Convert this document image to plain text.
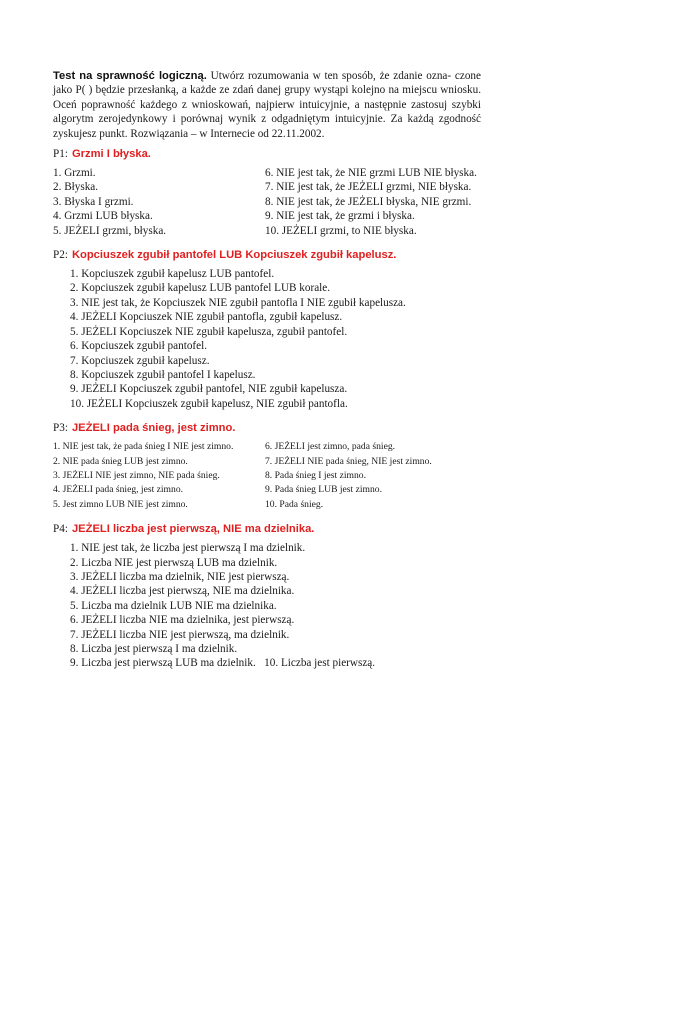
Test na sprawność logiczną. Utwórz rozumowania w ten sposób, że zdanie ozna- czone jako P( ) będzie przesłanką, a każde ze zdań danej grupy wystąpi kolejno na miejscu wniosku. Oceń poprawność każdego z wnioskowań, najpierw intuicyjnie, a następnie zastosuj szybki algorytm zerojedynkowy i porównaj wynik z odgadniętym intuicyjnie. Za każdą zgodność zyskujesz punkt. Rozwiązania – w Internecie od 22.11.2002.

P1: Grzmi I błyska.
1. Grzmi.
2. Błyska.
3. Błyska I grzmi.
4. Grzmi LUB błyska.
5. JEŻELI grzmi, błyska.
6. NIE jest tak, że NIE grzmi LUB NIE błyska.
7. NIE jest tak, że JEŻELI grzmi, NIE błyska.
8. NIE jest tak, że JEŻELI błyska, NIE grzmi.
9. NIE jest tak, że grzmi i błyska.
10. JEŻELI grzmi, to NIE błyska.
P2: Kopciuszek zgubił pantofel LUB Kopciuszek zgubił kapelusz.
1. Kopciuszek zgubił kapelusz LUB pantofel.
2. Kopciuszek zgubił kapelusz LUB pantofel LUB korale.
3. NIE jest tak, że Kopciuszek NIE zgubił pantofla I NIE zgubił kapelusza.
4. JEŻELI Kopciuszek NIE zgubił pantofla, zgubił kapelusz.
5. JEŻELI Kopciuszek NIE zgubił kapelusza, zgubił pantofel.
6. Kopciuszek zgubił pantofel.
7. Kopciuszek zgubił kapelusz.
8. Kopciuszek zgubił pantofel I kapelusz.
9. JEŻELI Kopciuszek zgubił pantofel, NIE zgubił kapelusza.
10. JEŻELI Kopciuszek zgubił kapelusz, NIE zgubił pantofla.
P3: JEŻELI pada śnieg, jest zimno.
1. NIE jest tak, że pada śnieg I NIE jest zimno.
2. NIE pada śnieg LUB jest zimno.
3. JEŻELI NIE jest zimno, NIE pada śnieg.
4. JEŻELI pada śnieg, jest zimno.
5. Jest zimno LUB NIE jest zimno.
6. JEŻELI jest zimno, pada śnieg.
7. JEŻELI NIE pada śnieg, NIE jest zimno.
8. Pada śnieg I jest zimno.
9. Pada śnieg LUB jest zimno.
10. Pada śnieg.
P4: JEŻELI liczba jest pierwszą, NIE ma dzielnika.
1. NIE jest tak, że liczba jest pierwszą I ma dzielnik.
2. Liczba NIE jest pierwszą LUB ma dzielnik.
3. JEŻELI liczba ma dzielnik, NIE jest pierwszą.
4. JEŻELI liczba jest pierwszą, NIE ma dzielnika.
5. Liczba ma dzielnik LUB NIE ma dzielnika.
6. JEŻELI liczba NIE ma dzielnika, jest pierwszą.
7. JEŻELI liczba NIE jest pierwszą, ma dzielnik.
8. Liczba jest pierwszą I ma dzielnik.
9. Liczba jest pierwszą LUB ma dzielnik.   10. Liczba jest pierwszą.
